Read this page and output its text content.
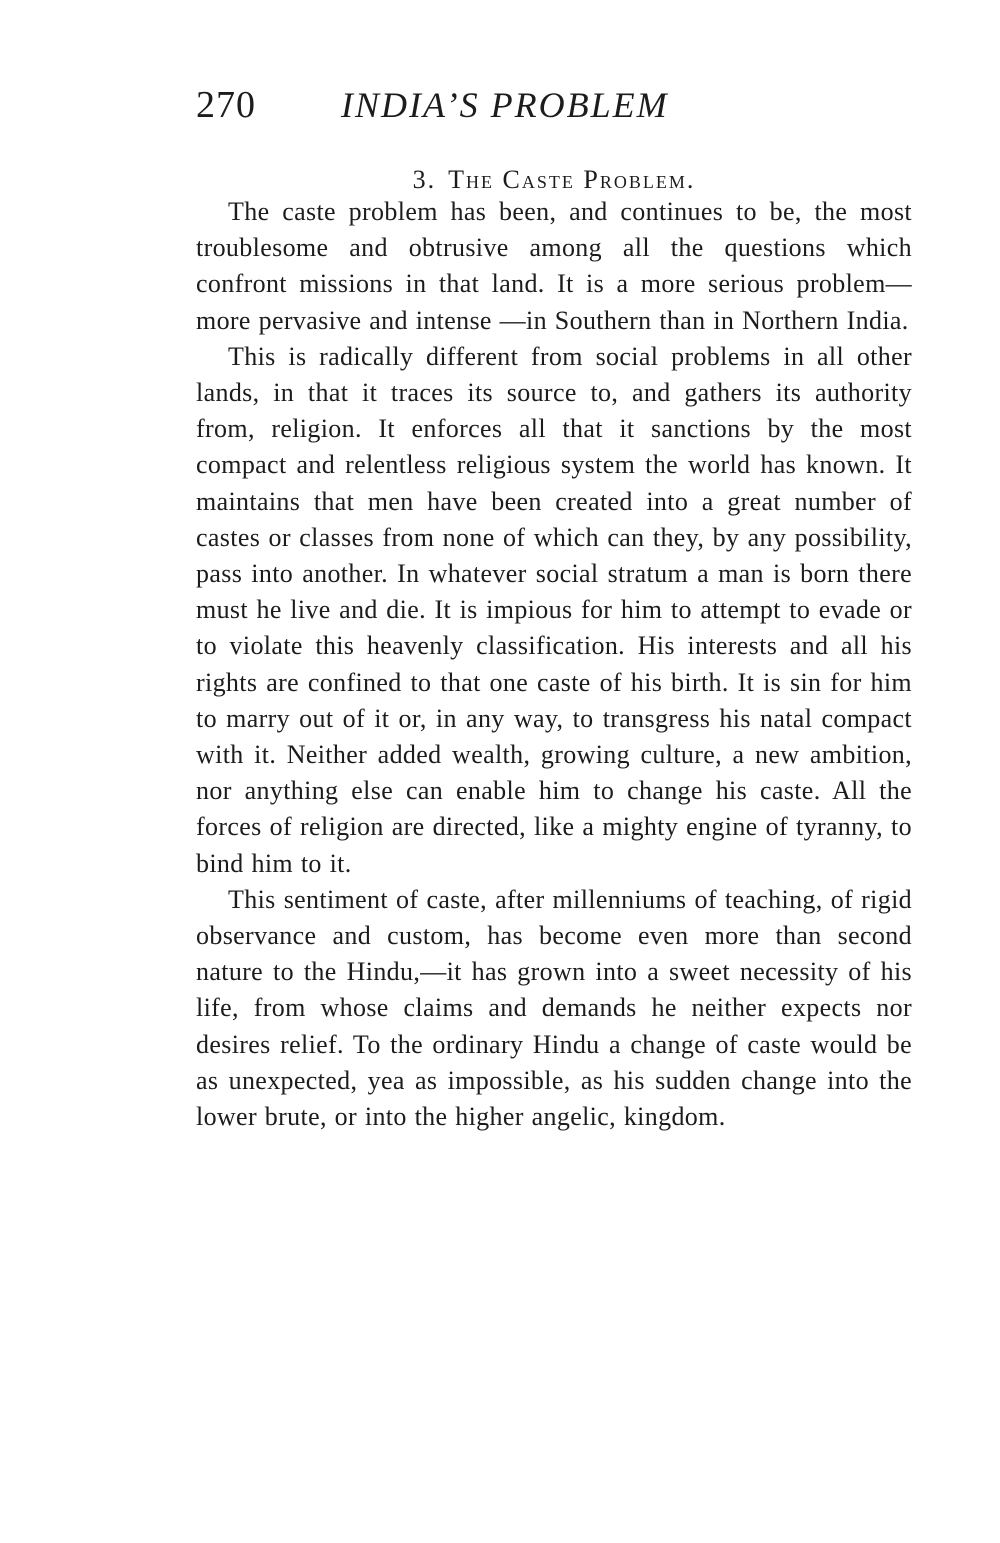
270 INDIA’S PROBLEM
3. The Caste Problem.

The caste problem has been, and continues to be, the most troublesome and obtrusive among all the questions which confront missions in that land. It is a more serious problem—more pervasive and intense —in Southern than in Northern India.

This is radically different from social problems in all other lands, in that it traces its source to, and gathers its authority from, religion. It enforces all that it sanctions by the most compact and relentless religious system the world has known. It maintains that men have been created into a great number of castes or classes from none of which can they, by any possibility, pass into another. In whatever social stratum a man is born there must he live and die. It is impious for him to attempt to evade or to violate this heavenly classification. His interests and all his rights are confined to that one caste of his birth. It is sin for him to marry out of it or, in any way, to transgress his natal compact with it. Neither added wealth, growing culture, a new ambition, nor anything else can enable him to change his caste. All the forces of religion are directed, like a mighty engine of tyranny, to bind him to it.

This sentiment of caste, after millenniums of teaching, of rigid observance and custom, has become even more than second nature to the Hindu,—it has grown into a sweet necessity of his life, from whose claims and demands he neither expects nor desires relief. To the ordinary Hindu a change of caste would be as unexpected, yea as impossible, as his sudden change into the lower brute, or into the higher angelic, kingdom.
